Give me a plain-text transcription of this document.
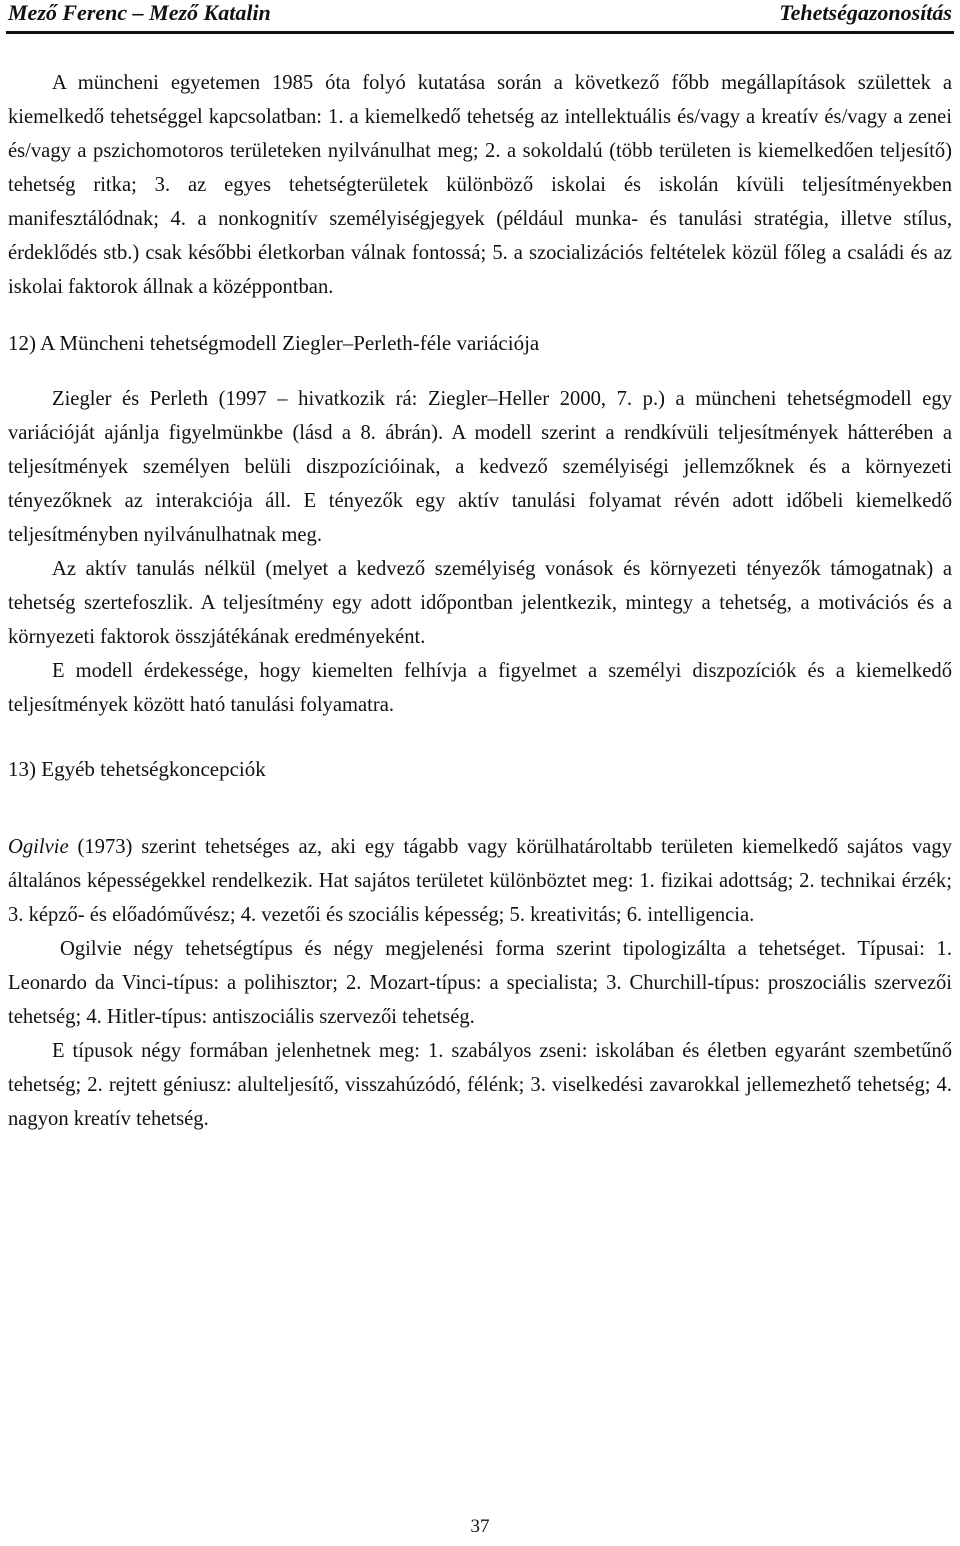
Mező Ferenc – Mező Katalin	Tehetségazonosítás

A müncheni egyetemen 1985 óta folyó kutatása során a következő főbb megállapítások születtek a kiemelkedő tehetséggel kapcsolatban: 1. a kiemelkedő tehetség az intellektuális és/vagy a kreatív és/vagy a zenei és/vagy a pszichomotoros területeken nyilvánulhat meg; 2. a sokoldalú (több területen is kiemelkedően teljesítő) tehetség ritka; 3. az egyes tehetségterületek különböző iskolai és iskolán kívüli teljesítményekben manifesztálódnak; 4. a nonkognitív személyiségjegyek (például munka- és tanulási stratégia, illetve stílus, érdeklődés stb.) csak későbbi életkorban válnak fontossá; 5. a szocializációs feltételek közül főleg a családi és az iskolai faktorok állnak a középpontban.

12) A Müncheni tehetségmodell Ziegler–Perleth-féle variációja

Ziegler és Perleth (1997 – hivatkozik rá: Ziegler–Heller 2000, 7. p.) a müncheni tehetségmodell egy variációját ajánlja figyelmünkbe (lásd a 8. ábrán). A modell szerint a rendkívüli teljesítmények hátterében a teljesítmények személyen belüli diszpozícióinak, a kedvező személyiségi jellemzőknek és a környezeti tényezőknek az interakciója áll. E tényezők egy aktív tanulási folyamat révén adott időbeli kiemelkedő teljesítményben nyilvánulhatnak meg.

Az aktív tanulás nélkül (melyet a kedvező személyiség vonások és környezeti tényezők támogatnak) a tehetség szertefoszlik. A teljesítmény egy adott időpontban jelentkezik, mintegy a tehetség, a motivációs és a környezeti faktorok összjátékának eredményeként.

E modell érdekessége, hogy kiemelten felhívja a figyelmet a személyi diszpozíciók és a kiemelkedő teljesítmények között ható tanulási folyamatra.

13) Egyéb tehetségkoncepciók

Ogilvie (1973) szerint tehetséges az, aki egy tágabb vagy körülhatároltabb területen kiemelkedő sajátos vagy általános képességekkel rendelkezik. Hat sajátos területet különböztet meg: 1. fizikai adottság; 2. technikai érzék; 3. képző- és előadóművész; 4. vezetői és szociális képesség; 5. kreativitás; 6. intelligencia.

Ogilvie négy tehetségtípus és négy megjelenési forma szerint tipologizálta a tehetséget. Típusai: 1. Leonardo da Vinci-típus: a polihisztor; 2. Mozart-típus: a specialista; 3. Churchill-típus: proszociális szervezői tehetség; 4. Hitler-típus: antiszociális szervezői tehetség.

E típusok négy formában jelenhetnek meg: 1. szabályos zseni: iskolában és életben egyaránt szembetűnő tehetség; 2. rejtett géniusz: alulteljesítő, visszahúzódó, félénk; 3. viselkedési zavarokkal jellemezhető tehetség; 4. nagyon kreatív tehetség.

37
